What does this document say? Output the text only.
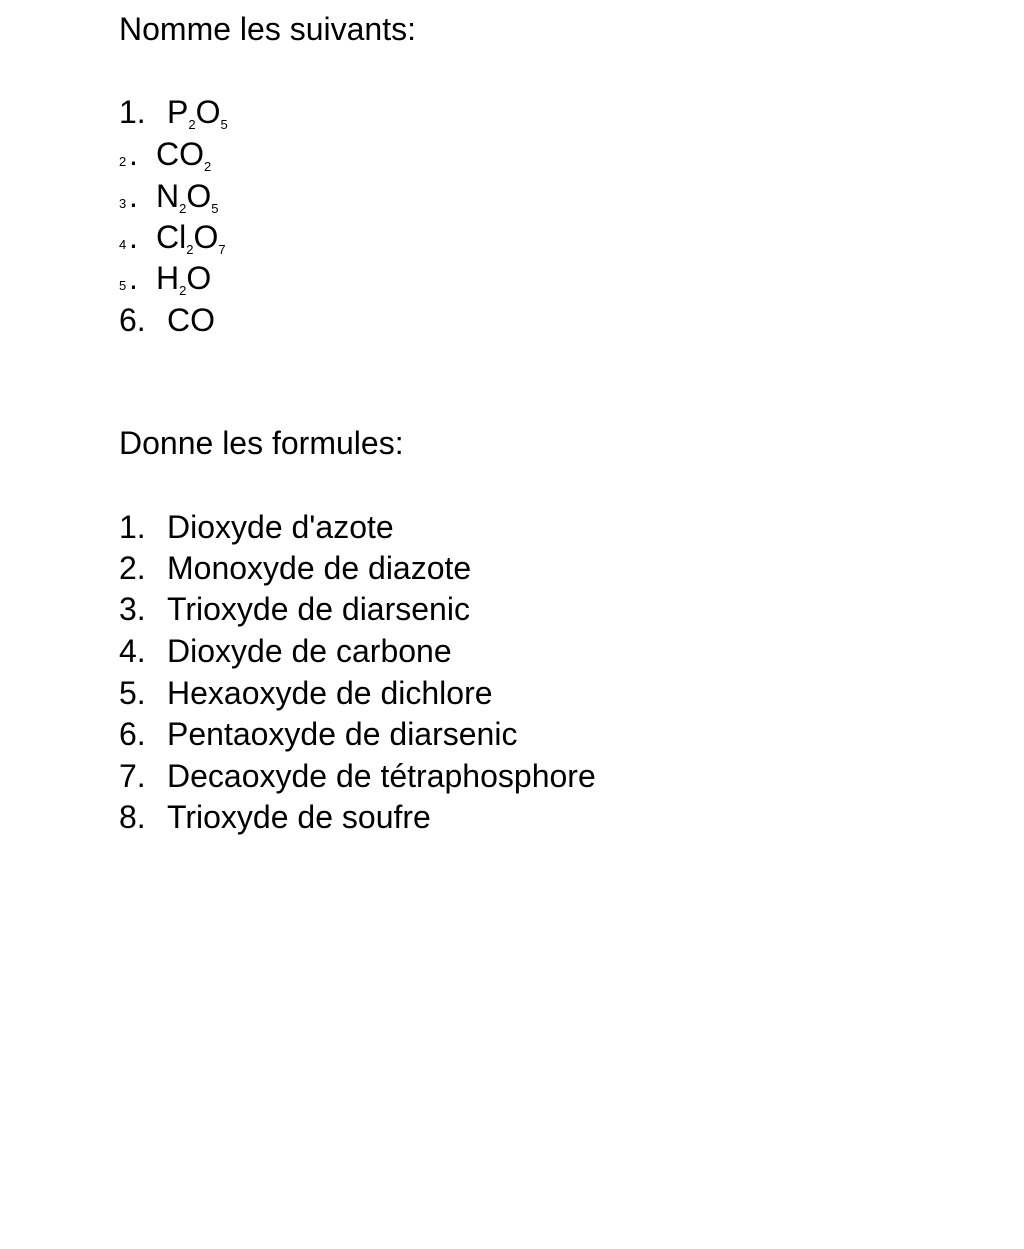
Nomme les suivants:
1. $P_2O_5$
2 . $CO_2$
3 . $N_2O_5$
4 . $Cl_2O_7$
5 . $H_2O$
6. CO
Donne les formules:
1. Dioxyde d'azote
2. Monoxyde de diazote
3. Trioxyde de diarsenic
4. Dioxyde de carbone
5. Hexaoxyde de dichlore
6. Pentaoxyde de diarsenic
7. Decaoxyde de tétraphosphore
8. Trioxyde de soufre
